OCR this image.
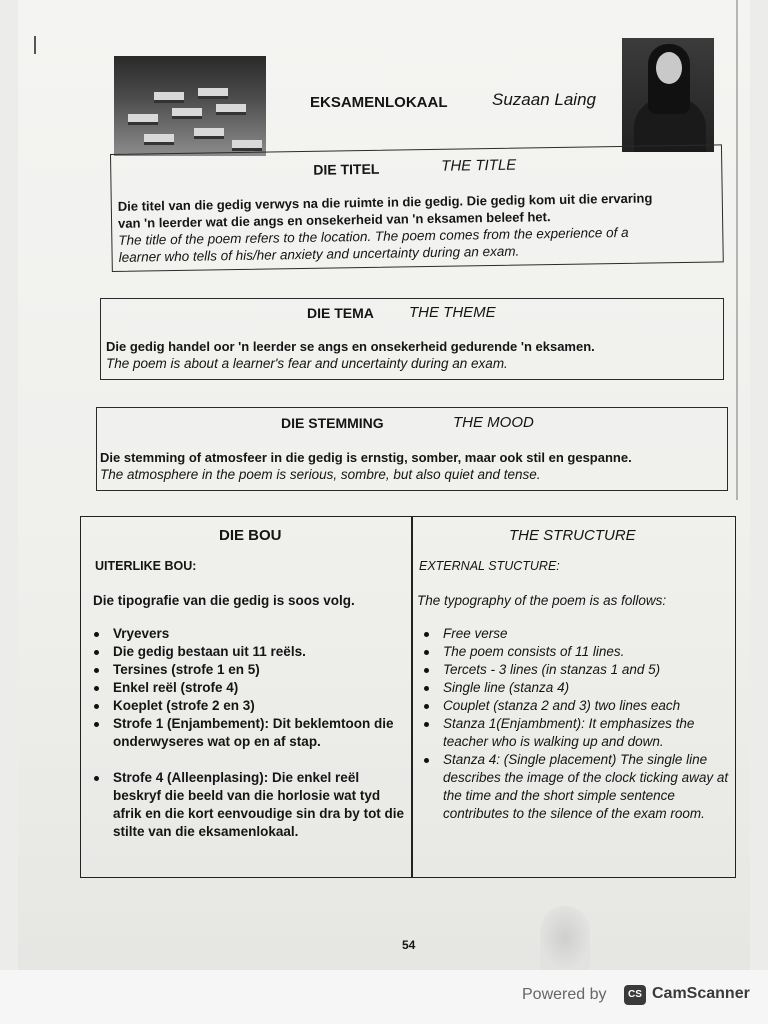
EKSAMENLOKAAL	Suzaan Laing
DIE TITEL	THE TITLE
Die titel van die gedig verwys na die ruimte in die gedig. Die gedig kom uit die ervaring
van 'n leerder wat die angs en onsekerheid van 'n eksamen beleef het.
The title of the poem refers to the location. The poem comes from the experience of a
learner who tells of his/her anxiety and uncertainty during an exam.
DIE TEMA THE THEME
Die gedig handel oor 'n leerder se angs en onsekerheid gedurende 'n eksamen.
The poem is about a learner's fear and uncertainty during an exam.
DIE STEMMING	THE MOOD
Die stemming of atmosfeer in die gedig is ernstig, somber, maar ook stil en gespanne.
The atmosphere in the poem is serious, sombre, but also quiet and tense.
DIE BOU
UITERLIKE BOU:
Die tipografie van die gedig is soos volg.
Vryevers
Die gedig bestaan uit 11 reëls.
Tersines (strofe 1 en 5)
Enkel reël (strofe 4)
Koeplet (strofe 2 en 3)
Strofe 1 (Enjambement): Dit beklemtoon die onderwyseres wat op en af stap.
Strofe 4 (Alleenplasing): Die enkel reël beskryf die beeld van die horlosie wat tyd afrik en die kort eenvoudige sin dra by tot die stilte van die eksamenlokaal.
THE STRUCTURE
EXTERNAL STUCTURE:
The typography of the poem is as follows:
Free verse
The poem consists of 11 lines.
Tercets - 3 lines (in stanzas 1 and 5)
Single line (stanza 4)
Couplet (stanza 2 and 3) two lines each
Stanza 1(Enjambment): It emphasizes the teacher who is walking up and down.
Stanza 4: (Single placement) The single line describes the image of the clock ticking away at the time and the short simple sentence contributes to the silence of the exam room.
54
Powered by	CS CamScanner
